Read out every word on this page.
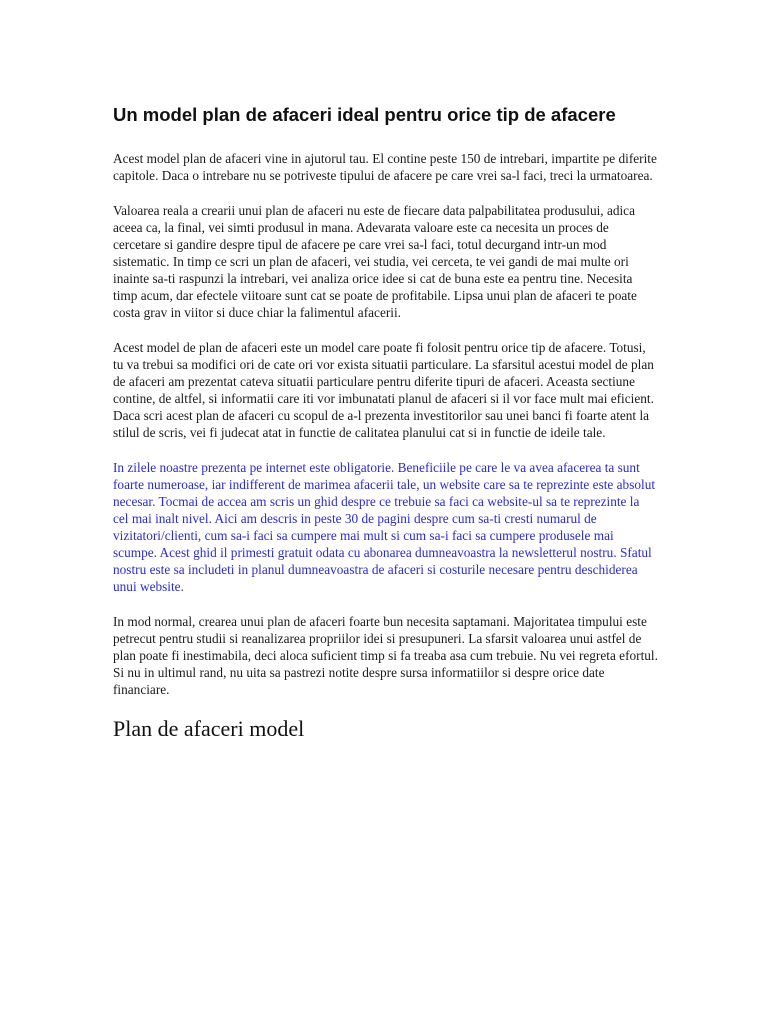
Un model plan de afaceri ideal pentru orice tip de afacere

Acest model plan de afaceri vine in ajutorul tau. El contine peste 150 de intrebari, impartite pe diferite capitole. Daca o intrebare nu se potriveste tipului de afacere pe care vrei sa-l faci, treci la urmatoarea.

Valoarea reala a crearii unui plan de afaceri nu este de fiecare data palpabilitatea produsului, adica aceea ca, la final, vei simti produsul in mana. Adevarata valoare este ca necesita un proces de cercetare si gandire despre tipul de afacere pe care vrei sa-l faci, totul decurgand intr-un mod sistematic. In timp ce scri un plan de afaceri, vei studia, vei cerceta, te vei gandi de mai multe ori inainte sa-ti raspunzi la intrebari, vei analiza orice idee si cat de buna este ea pentru tine. Necesita timp acum, dar efectele viitoare sunt cat se poate de profitabile. Lipsa unui plan de afaceri te poate costa grav in viitor si duce chiar la falimentul afacerii.

Acest model de plan de afaceri este un model care poate fi folosit pentru orice tip de afacere. Totusi, tu va trebui sa modifici ori de cate ori vor exista situatii particulare. La sfarsitul acestui model de plan de afaceri am prezentat cateva situatii particulare pentru diferite tipuri de afaceri. Aceasta sectiune contine, de altfel, si informatii care iti vor imbunatati planul de afaceri si il vor face mult mai eficient. Daca scri acest plan de afaceri cu scopul de a-l prezenta investitorilor sau unei banci fi foarte atent la stilul de scris, vei fi judecat atat in functie de calitatea planului cat si in functie de ideile tale.

In zilele noastre prezenta pe internet este obligatorie. Beneficiile pe care le va avea afacerea ta sunt foarte numeroase, iar indifferent de marimea afacerii tale, un website care sa te reprezinte este absolut necesar. Tocmai de accea am scris un ghid despre ce trebuie sa faci ca website-ul sa te reprezinte la cel mai inalt nivel. Aici am descris in peste 30 de pagini despre cum sa-ti cresti numarul de vizitatori/clienti, cum sa-i faci sa cumpere mai mult si cum sa-i faci sa cumpere produsele mai scumpe. Acest ghid il primesti gratuit odata cu abonarea dumneavoastra la newsletterul nostru. Sfatul nostru este sa includeti in planul dumneavoastra de afaceri si costurile necesare pentru deschiderea unui website.

In mod normal, crearea unui plan de afaceri foarte bun necesita saptamani. Majoritatea timpului este petrecut pentru studii si reanalizarea propriilor idei si presupuneri. La sfarsit valoarea unui astfel de plan poate fi inestimabila, deci aloca suficient timp si fa treaba asa cum trebuie. Nu vei regreta efortul. Si nu in ultimul rand, nu uita sa pastrezi notite despre sursa informatiilor si despre orice date financiare.

Plan de afaceri model
